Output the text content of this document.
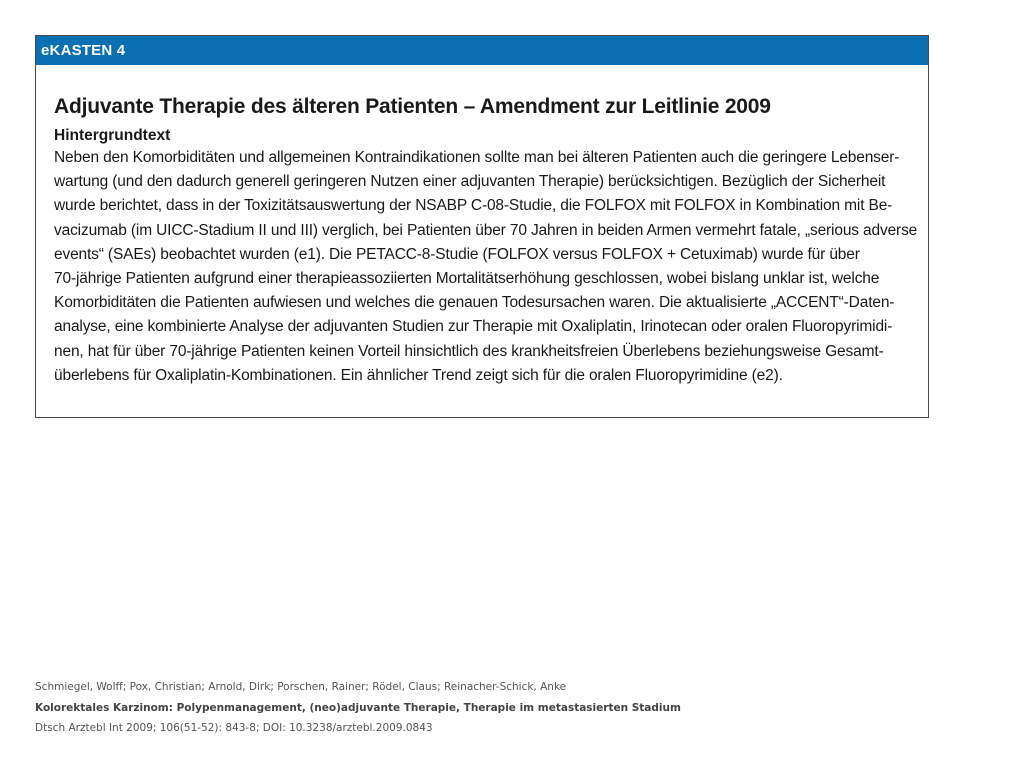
eKASTEN 4
Adjuvante Therapie des älteren Patienten – Amendment zur Leitlinie 2009
Hintergrundtext
Neben den Komorbiditäten und allgemeinen Kontraindikationen sollte man bei älteren Patienten auch die geringere Lebenser-
wartung (und den dadurch generell geringeren Nutzen einer adjuvanten Therapie) berücksichtigen. Bezüglich der Sicherheit
wurde berichtet, dass in der Toxizitätsauswertung der NSABP C-08-Studie, die FOLFOX mit FOLFOX in Kombination mit Be-
vacizumab (im UICC-Stadium II und III) verglich, bei Patienten über 70 Jahren in beiden Armen vermehrt fatale, „serious adverse
events“ (SAEs) beobachtet wurden (e1). Die PETACC-8-Studie (FOLFOX versus FOLFOX + Cetuximab) wurde für über
70-jährige Patienten aufgrund einer therapieassoziierten Mortalitätserhöhung geschlossen, wobei bislang unklar ist, welche
Komorbiditäten die Patienten aufwiesen und welches die genauen Todesursachen waren. Die aktualisierte „ACCENT“-Daten-
analyse, eine kombinierte Analyse der adjuvanten Studien zur Therapie mit Oxaliplatin, Irinotecan oder oralen Fluoropyrimidi-
nen, hat für über 70-jährige Patienten keinen Vorteil hinsichtlich des krankheitsfreien Überlebens beziehungsweise Gesamt-
überlebens für Oxaliplatin-Kombinationen. Ein ähnlicher Trend zeigt sich für die oralen Fluoropyrimidine (e2).
Schmiegel, Wolff; Pox, Christian; Arnold, Dirk; Porschen, Rainer; Rödel, Claus; Reinacher-Schick, Anke
Kolorektales Karzinom: Polypenmanagement, (neo)adjuvante Therapie, Therapie im metastasierten Stadium
Dtsch Arztebl Int 2009; 106(51-52): 843-8; DOI: 10.3238/arztebl.2009.0843
